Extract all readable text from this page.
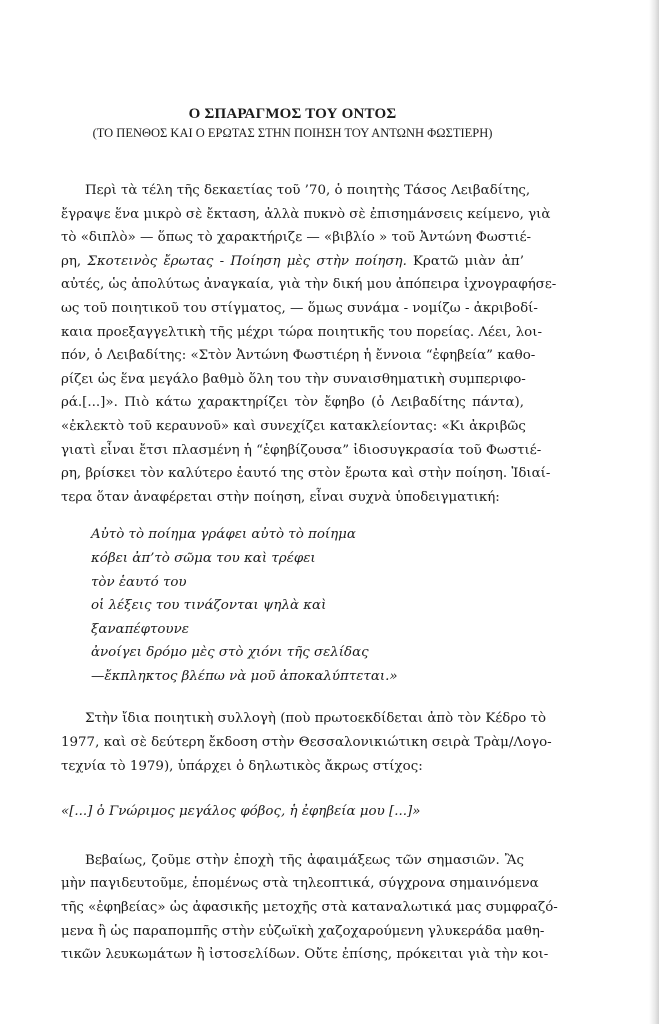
Ο ΣΠΑΡΑΓΜΟΣ ΤΟΥ ΟΝΤΟΣ
(ΤΟ ΠΕΝΘΟΣ ΚΑΙ Ο ΕΡΩΤΑΣ ΣΤΗΝ ΠΟΙΗΣΗ ΤΟΥ ΑΝΤΩΝΗ ΦΩΣΤΙΕΡΗ)
Περὶ τὰ τέλη τῆς δεκαετίας τοῦ ’70, ὁ ποιητὴς Τάσος Λειβαδίτης,
ἔγραψε ἕνα μικρὸ σὲ ἔκταση, ἀλλὰ πυκνὸ σὲ ἐπισημάνσεις κείμενο, γιὰ
τὸ «διπλὸ» — ὅπως τὸ χαρακτήριζε — «βιβλίο » τοῦ Ἀντώνη Φωστιέ-
ρη, Σκοτεινὸς ἔρωτας - Ποίηση μὲς στὴν ποίηση. Κρατῶ μιὰν ἀπ’
αὐτές, ὡς ἀπολύτως ἀναγκαία, γιὰ τὴν δική μου ἀπόπειρα ἰχνογραφήσε-
ως τοῦ ποιητικοῦ του στίγματος, — ὅμως συνάμα - νομίζω - ἀκριβοδί-
καια προεξαγγελτικὴ τῆς μέχρι τώρα ποιητικῆς του πορείας. Λέει, λοι-
πόν, ὁ Λειβαδίτης: «Στὸν Ἀντώνη Φωστιέρη ἡ ἔννοια “ἐφηβεία” καθο-
ρίζει ὡς ἕνα μεγάλο βαθμὸ ὅλη του τὴν συναισθηματικὴ συμπεριφο-
ρά.[...]». Πιὸ κάτω χαρακτηρίζει τὸν ἔφηβο (ὁ Λειβαδίτης πάντα),
«ἐκλεκτὸ τοῦ κεραυνοῦ» καὶ συνεχίζει κατακλείοντας: «Κι ἀκριβῶς
γιατὶ εἶναι ἔτσι πλασμένη ἡ “ἐφηβίζουσα” ἰδιοσυγκρασία τοῦ Φωστιέ-
ρη, βρίσκει τὸν καλύτερο ἑαυτό της στὸν ἔρωτα καὶ στὴν ποίηση. Ἰδιαί-
τερα ὅταν ἀναφέρεται στὴν ποίηση, εἶναι συχνὰ ὑποδειγματική:
Αὐτὸ τὸ ποίημα γράφει αὐτὸ τὸ ποίημα
κόβει ἀπ’τὸ σῶμα του καὶ τρέφει
τὸν ἑαυτό του
οἱ λέξεις του τινάζονται ψηλὰ καὶ
ξαναπέφτουνε
ἀνοίγει δρόμο μὲς στὸ χιόνι τῆς σελίδας
—ἔκπληκτος βλέπω νὰ μοῦ ἀποκαλύπτεται.»
Στὴν ἴδια ποιητικὴ συλλογὴ (ποὺ πρωτοεκδίδεται ἀπὸ τὸν Κέδρο τὸ
1977, καὶ σὲ δεύτερη ἔκδοση στὴν Θεσσαλονικιώτικη σειρὰ Τρὰμ/Λογο-
τεχνία τὸ 1979), ὑπάρχει ὁ δηλωτικὸς ἄκρως στίχος:
«[...] ὁ Γνώριμος μεγάλος φόβος, ἡ ἐφηβεία μου [...]»
Βεβαίως, ζοῦμε στὴν ἐποχὴ τῆς ἀφαιμάξεως τῶν σημασιῶν. Ἂς
μὴν παγιδευτοῦμε, ἑπομένως στὰ τηλεοπτικά, σύγχρονα σημαινόμενα
τῆς «ἐφηβείας» ὡς ἀφασικῆς μετοχῆς στὰ καταναλωτικά μας συμφραζό-
μενα ἢ ὡς παραπομπῆς στὴν εὐζωϊκὴ χαζοχαρούμενη γλυκεράδα μαθη-
τικῶν λευκωμάτων ἢ ἰστοσελίδων. Οὔτε ἐπίσης, πρόκειται γιὰ τὴν κοι-
